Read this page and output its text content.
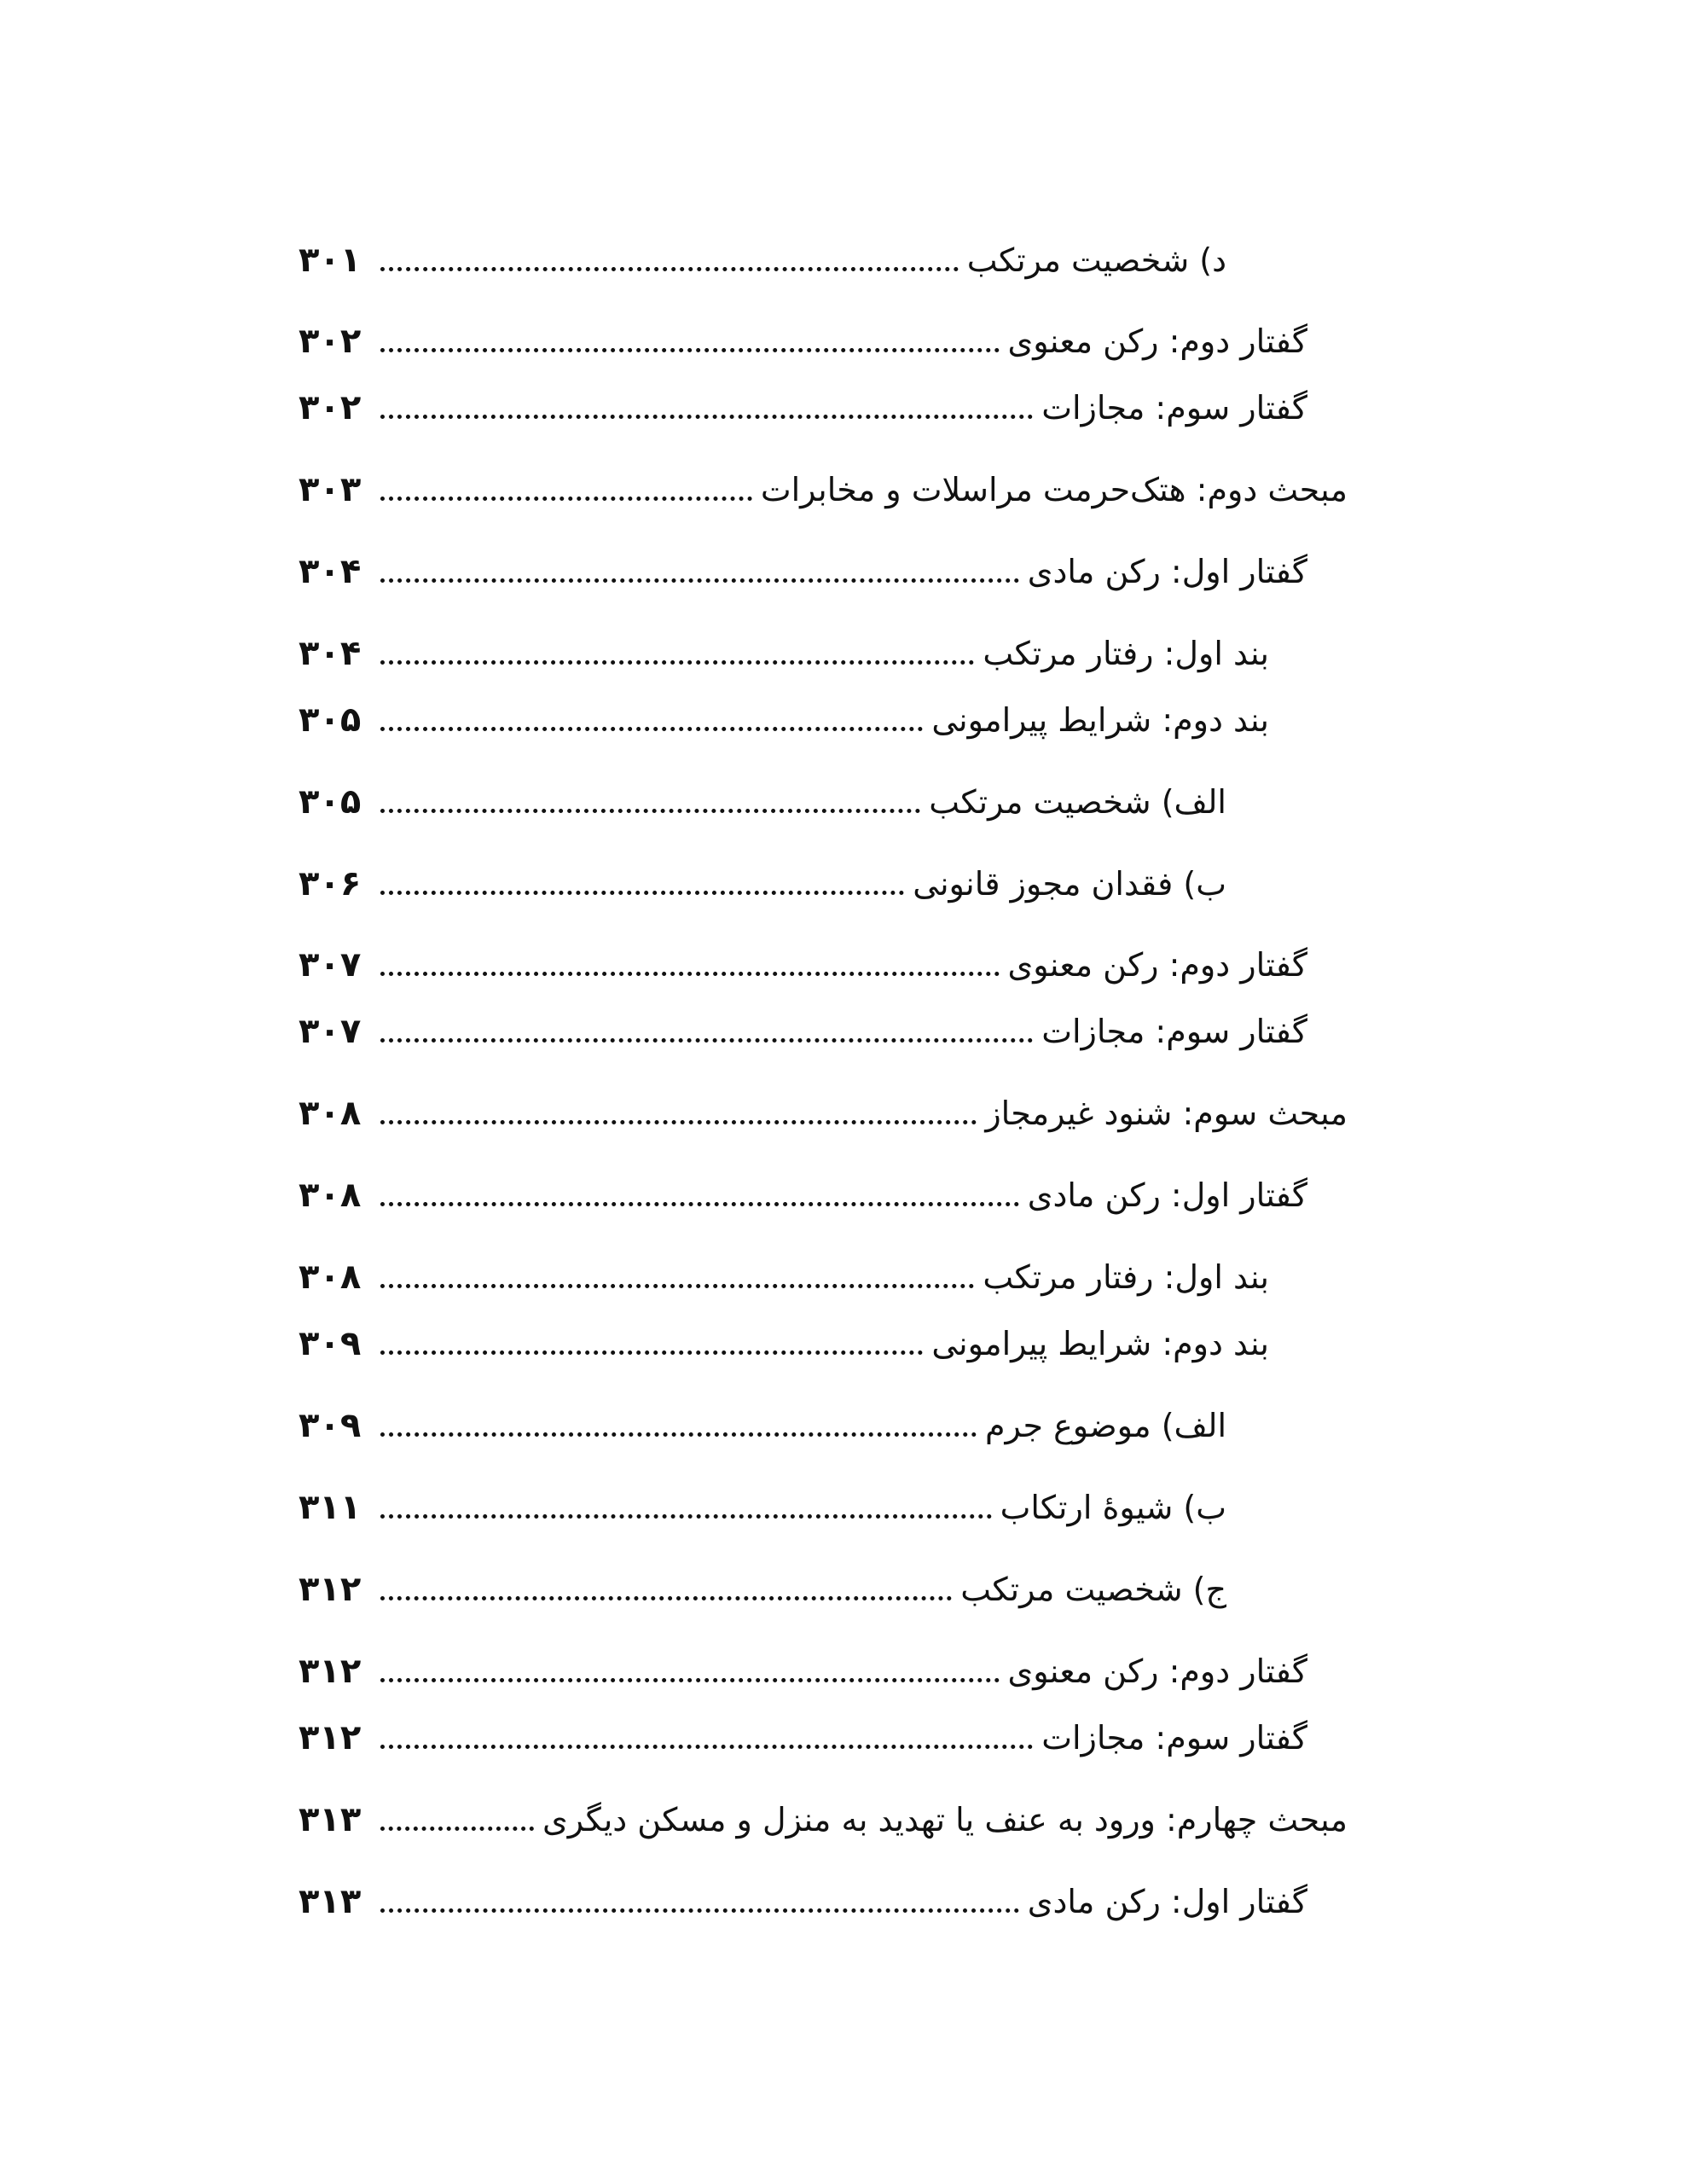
د) شخصیت مرتکب
۳۰۱
گفتار دوم: رکن معنوی
۳۰۲
گفتار سوم: مجازات
۳۰۲
مبحث دوم: هتک‌حرمت مراسلات و مخابرات
۳۰۳
گفتار اول: رکن مادی
۳۰۴
بند اول: رفتار مرتکب
۳۰۴
بند دوم: شرایط پیرامونی
۳۰۵
الف) شخصیت مرتکب
۳۰۵
ب) فقدان مجوز قانونی
۳۰۶
گفتار دوم: رکن معنوی
۳۰۷
گفتار سوم: مجازات
۳۰۷
مبحث سوم: شنود غیرمجاز
۳۰۸
گفتار اول: رکن مادی
۳۰۸
بند اول: رفتار مرتکب
۳۰۸
بند دوم: شرایط پیرامونی
۳۰۹
الف) موضوع جرم
۳۰۹
ب) شیوهٔ ارتکاب
۳۱۱
ج) شخصیت مرتکب
۳۱۲
گفتار دوم: رکن معنوی
۳۱۲
گفتار سوم: مجازات
۳۱۲
مبحث چهارم: ورود به عنف یا تهدید به منزل و مسکن دیگری
۳۱۳
گفتار اول: رکن مادی
۳۱۳
